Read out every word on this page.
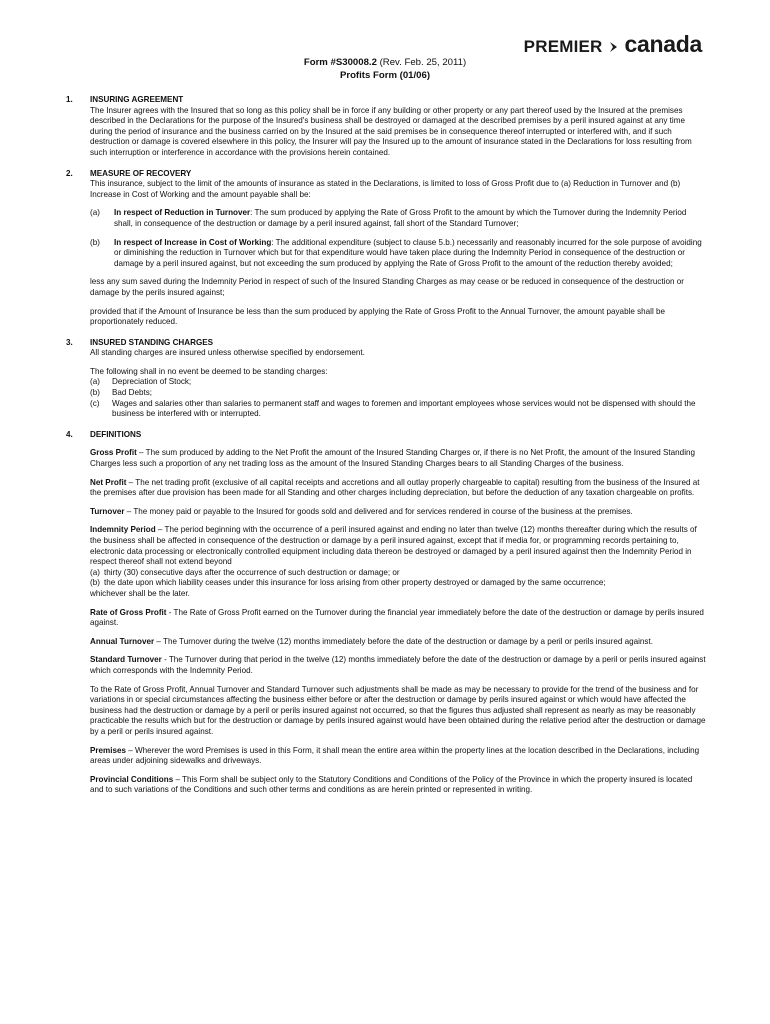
PREMIER canada
Form #S30008.2 (Rev. Feb. 25, 2011)
Profits Form (01/06)
1. INSURING AGREEMENT

The Insurer agrees with the Insured that so long as this policy shall be in force if any building or other property or any part thereof used by the Insured at the premises described in the Declarations for the purpose of the Insured's business shall be destroyed or damaged at the described premises by a peril insured against at any time during the period of insurance and the business carried on by the Insured at the said premises be in consequence thereof interrupted or interfered with, and if such destruction or damage is covered elsewhere in this policy, the Insurer will pay the Insured up to the amount of insurance stated in the Declarations for loss resulting from such interruption or interference in accordance with the provisions herein contained.

2. MEASURE OF RECOVERY

This insurance, subject to the limit of the amounts of insurance as stated in the Declarations, is limited to loss of Gross Profit due to (a) Reduction in Turnover and (b) Increase in Cost of Working and the amount payable shall be:

(a) In respect of Reduction in Turnover: The sum produced by applying the Rate of Gross Profit to the amount by which the Turnover during the Indemnity Period shall, in consequence of the destruction or damage by a peril insured against, fall short of the Standard Turnover;

(b) In respect of Increase in Cost of Working: The additional expenditure (subject to clause 5.b.) necessarily and reasonably incurred for the sole purpose of avoiding or diminishing the reduction in Turnover which but for that expenditure would have taken place during the Indemnity Period in consequence of the destruction or damage by a peril insured against, but not exceeding the sum produced by applying the Rate of Gross Profit to the amount of the reduction thereby avoided;

less any sum saved during the Indemnity Period in respect of such of the Insured Standing Charges as may cease or be reduced in consequence of the destruction or damage by the perils insured against;

provided that if the Amount of Insurance be less than the sum produced by applying the Rate of Gross Profit to the Annual Turnover, the amount payable shall be proportionately reduced.

3. INSURED STANDING CHARGES

All standing charges are insured unless otherwise specified by endorsement.

The following shall in no event be deemed to be standing charges:

(a) Depreciation of Stock;

(b) Bad Debts;

(c) Wages and salaries other than salaries to permanent staff and wages to foremen and important employees whose services would not be dispensed with should the business be interfered with or interrupted.

4. DEFINITIONS

Gross Profit – The sum produced by adding to the Net Profit the amount of the Insured Standing Charges or, if there is no Net Profit, the amount of the Insured Standing Charges less such a proportion of any net trading loss as the amount of the Insured Standing Charges bears to all Standing Charges of the business.

Net Profit – The net trading profit (exclusive of all capital receipts and accretions and all outlay properly chargeable to capital) resulting from the business of the Insured at the premises after due provision has been made for all Standing and other charges including depreciation, but before the deduction of any taxation chargeable on profits.

Turnover – The money paid or payable to the Insured for goods sold and delivered and for services rendered in course of the business at the premises.

Indemnity Period – The period beginning with the occurrence of a peril insured against and ending no later than twelve (12) months thereafter during which the results of the business shall be affected in consequence of the destruction or damage by a peril insured against, except that if media for, or programming records pertaining to, electronic data processing or electronically controlled equipment including data thereon be destroyed or damaged by a peril insured against then the Indemnity Period in respect thereof shall not extend beyond

(a) thirty (30) consecutive days after the occurrence of such destruction or damage; or

(b) the date upon which liability ceases under this insurance for loss arising from other property destroyed or damaged by the same occurrence;

whichever shall be the later.

Rate of Gross Profit - The Rate of Gross Profit earned on the Turnover during the financial year immediately before the date of the destruction or damage by perils insured against.

Annual Turnover – The Turnover during the twelve (12) months immediately before the date of the destruction or damage by a peril or perils insured against.

Standard Turnover - The Turnover during that period in the twelve (12) months immediately before the date of the destruction or damage by a peril or perils insured against which corresponds with the Indemnity Period.

To the Rate of Gross Profit, Annual Turnover and Standard Turnover such adjustments shall be made as may be necessary to provide for the trend of the business and for variations in or special circumstances affecting the business either before or after the destruction or damage by perils insured against or which would have affected the business had the destruction or damage by a peril or perils insured against not occurred, so that the figures thus adjusted shall represent as nearly as may be reasonably practicable the results which but for the destruction or damage by perils insured against would have been obtained during the relative period after the destruction or damage by a peril or perils insured against.

Premises – Wherever the word Premises is used in this Form, it shall mean the entire area within the property lines at the location described in the Declarations, including areas under adjoining sidewalks and driveways.

Provincial Conditions – This Form shall be subject only to the Statutory Conditions and Conditions of the Policy of the Province in which the property insured is located and to such variations of the Conditions and such other terms and conditions as are herein printed or represented in writing.
